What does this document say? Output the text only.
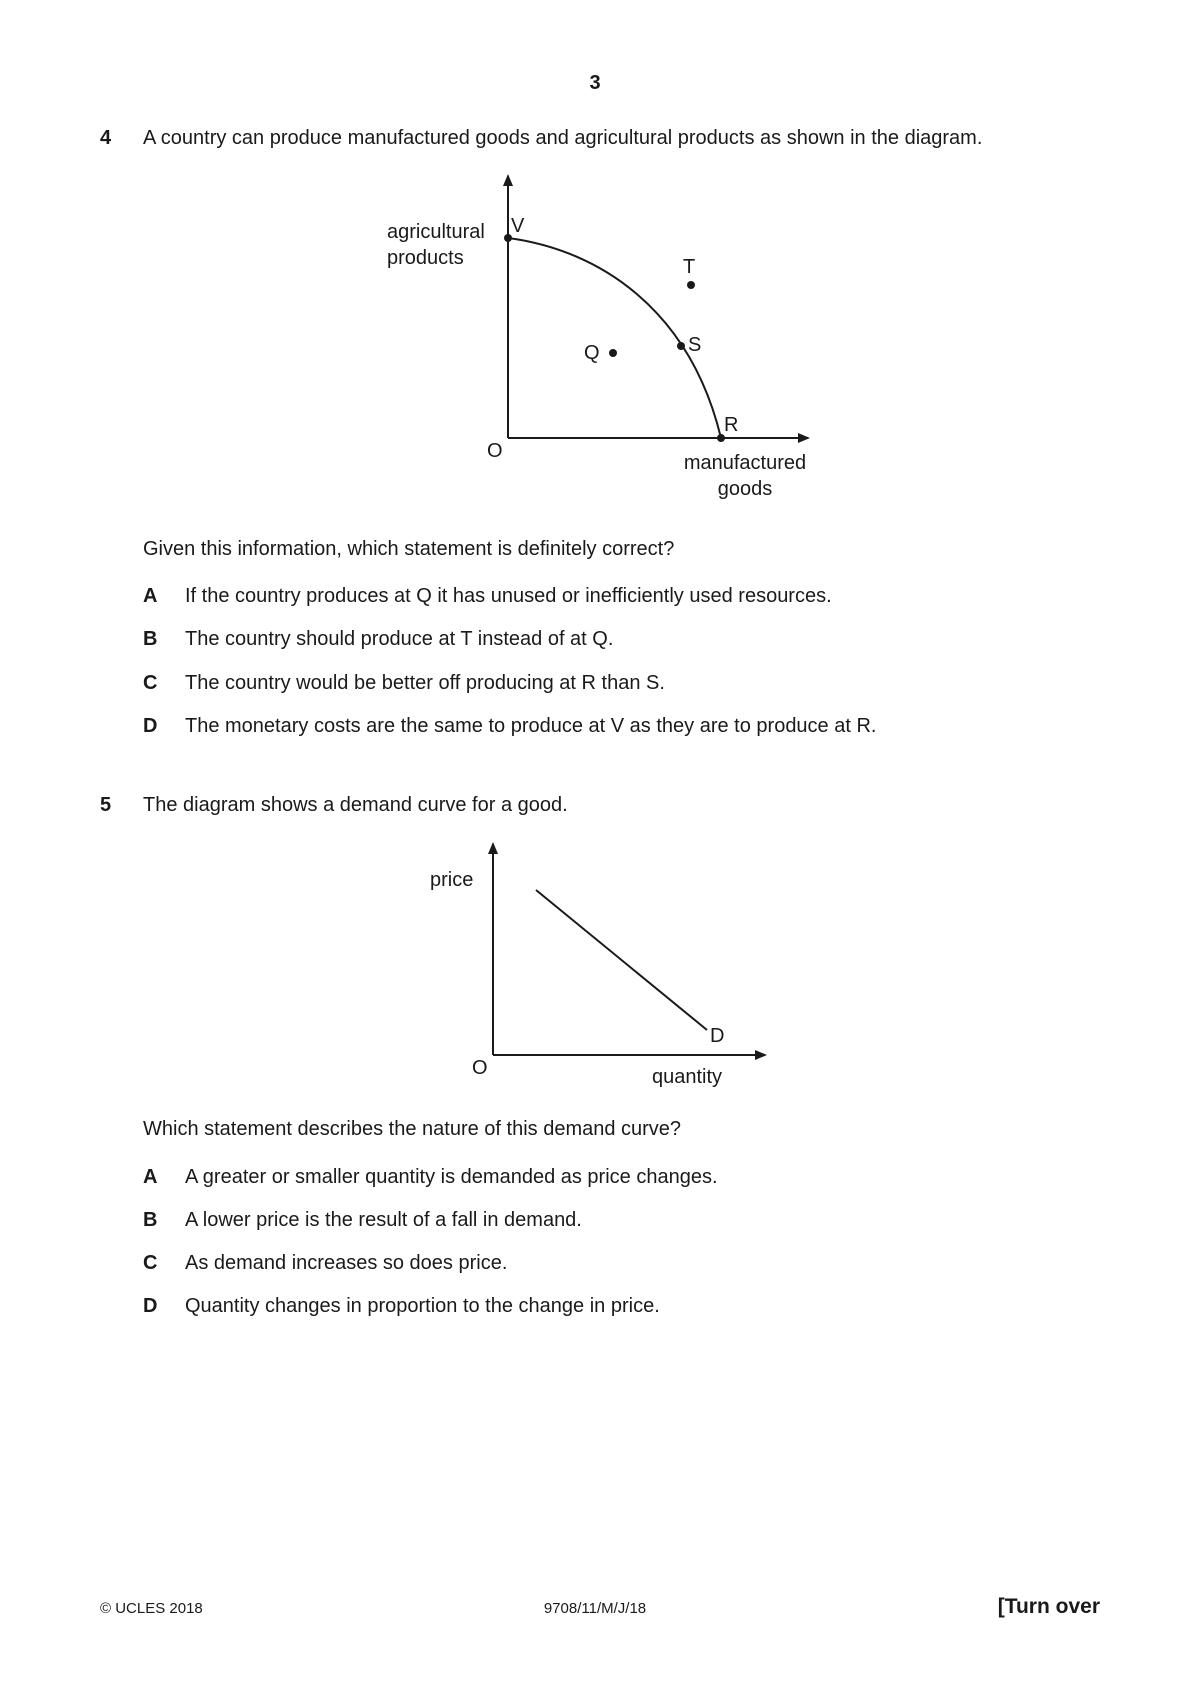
3
4 A country can produce manufactured goods and agricultural products as shown in the diagram.
agricultural
products
manufactured
goods
O
V
T
S
Q
R
Given this information, which statement is definitely correct?
A If the country produces at Q it has unused or inefficiently used resources.
B The country should produce at T instead of at Q.
C The country would be better off producing at R than S.
D The monetary costs are the same to produce at V as they are to produce at R.
5 The diagram shows a demand curve for a good.
price
quantity
O
D
Which statement describes the nature of this demand curve?
A A greater or smaller quantity is demanded as price changes.
B A lower price is the result of a fall in demand.
C As demand increases so does price.
D Quantity changes in proportion to the change in price.
© UCLES 2018	9708/11/M/J/18	[Turn over
